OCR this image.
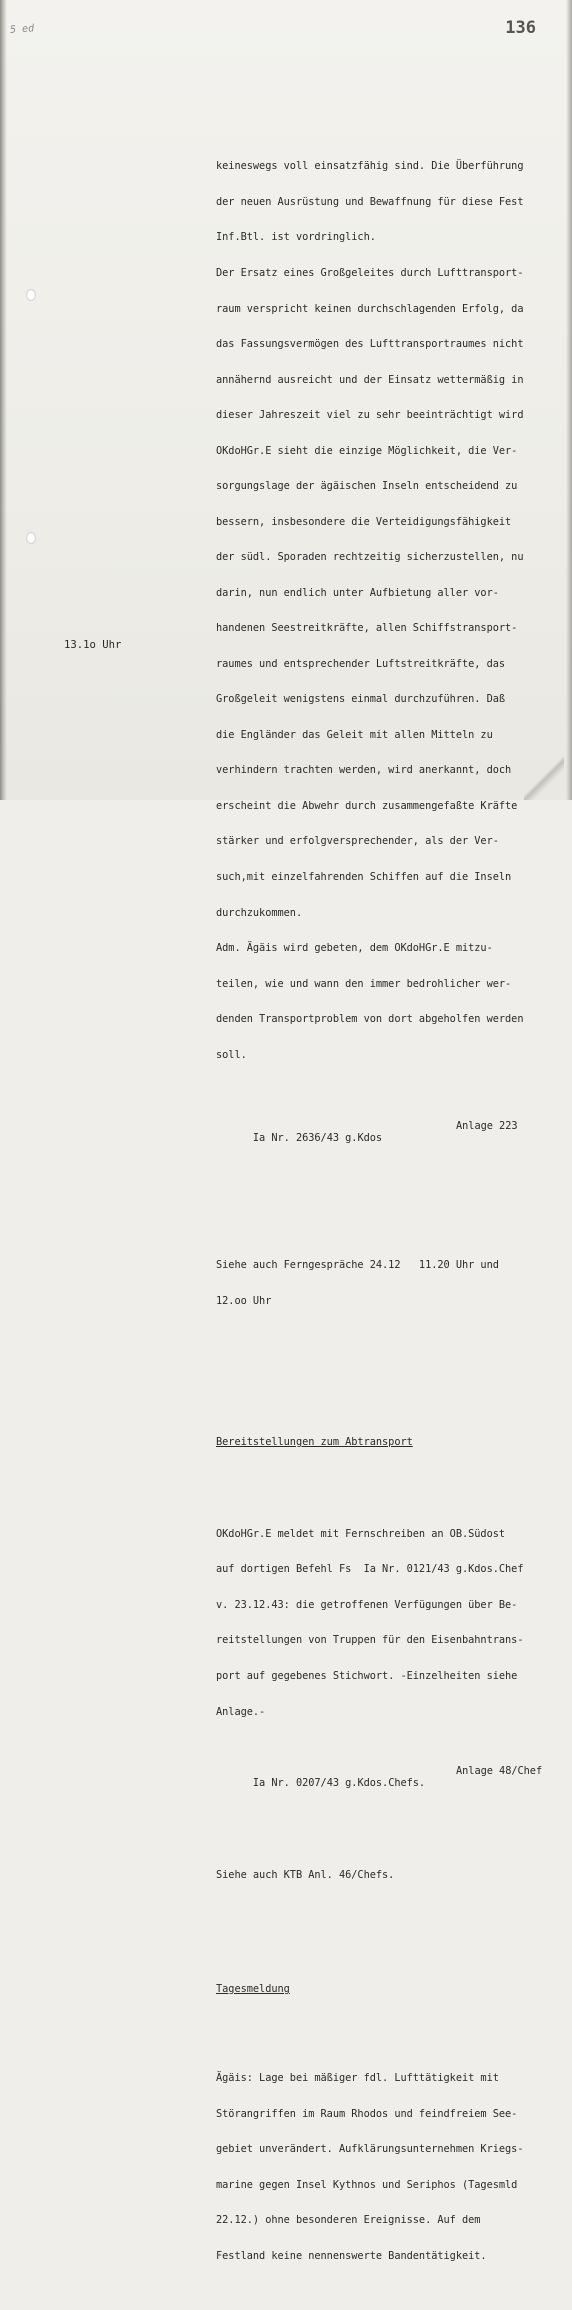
5 ed	136
13.1o Uhr

keineswegs voll einsatzfähig sind. Die Überführung

der neuen Ausrüstung und Bewaffnung für diese Fest

Inf.Btl. ist vordringlich.

Der Ersatz eines Großgeleites durch Lufttransport-

raum verspricht keinen durchschlagenden Erfolg, da

das Fassungsvermögen des Lufttransportraumes nicht

annähernd ausreicht und der Einsatz wettermäßig in

dieser Jahreszeit viel zu sehr beeinträchtigt wird

OKdoHGr.E sieht die einzige Möglichkeit, die Ver-

sorgungslage der ägäischen Inseln entscheidend zu

bessern, insbesondere die Verteidigungsfähigkeit

der südl. Sporaden rechtzeitig sicherzustellen, nu

darin, nun endlich unter Aufbietung aller vor-

handenen Seestreitkräfte, allen Schiffstransport-

raumes und entsprechender Luftstreitkräfte, das

Großgeleit wenigstens einmal durchzuführen. Daß

die Engländer das Geleit mit allen Mitteln zu

verhindern trachten werden, wird anerkannt, doch

erscheint die Abwehr durch zusammengefaßte Kräfte

stärker und erfolgversprechender, als der Ver-

such,mit einzelfahrenden Schiffen auf die Inseln

durchzukommen.

Adm. Ägäis wird gebeten, dem OKdoHGr.E mitzu-

teilen, wie und wann den immer bedrohlicher wer-

denden Transportproblem von dort abgeholfen werden

soll.

Ia Nr. 2636/43 g.Kdos

Anlage 223

Siehe auch Ferngespräche 24.12   11.20 Uhr und

12.oo Uhr

Bereitstellungen zum Abtransport

OKdoHGr.E meldet mit Fernschreiben an OB.Südost

auf dortigen Befehl Fs  Ia Nr. 0121/43 g.Kdos.Chef

v. 23.12.43: die getroffenen Verfügungen über Be-

reitstellungen von Truppen für den Eisenbahntrans-

port auf gegebenes Stichwort. -Einzelheiten siehe

Anlage.-

Ia Nr. 0207/43 g.Kdos.Chefs.

Anlage 48/Chef

Siehe auch KTB Anl. 46/Chefs.

Tagesmeldung

Ägäis: Lage bei mäßiger fdl. Lufttätigkeit mit

Störangriffen im Raum Rhodos und feindfreiem See-

gebiet unverändert. Aufklärungsunternehmen Kriegs-

marine gegen Insel Kythnos und Seriphos (Tagesmld

22.12.) ohne besonderen Ereignisse. Auf dem

Festland keine nennenswerte Bandentätigkeit.
